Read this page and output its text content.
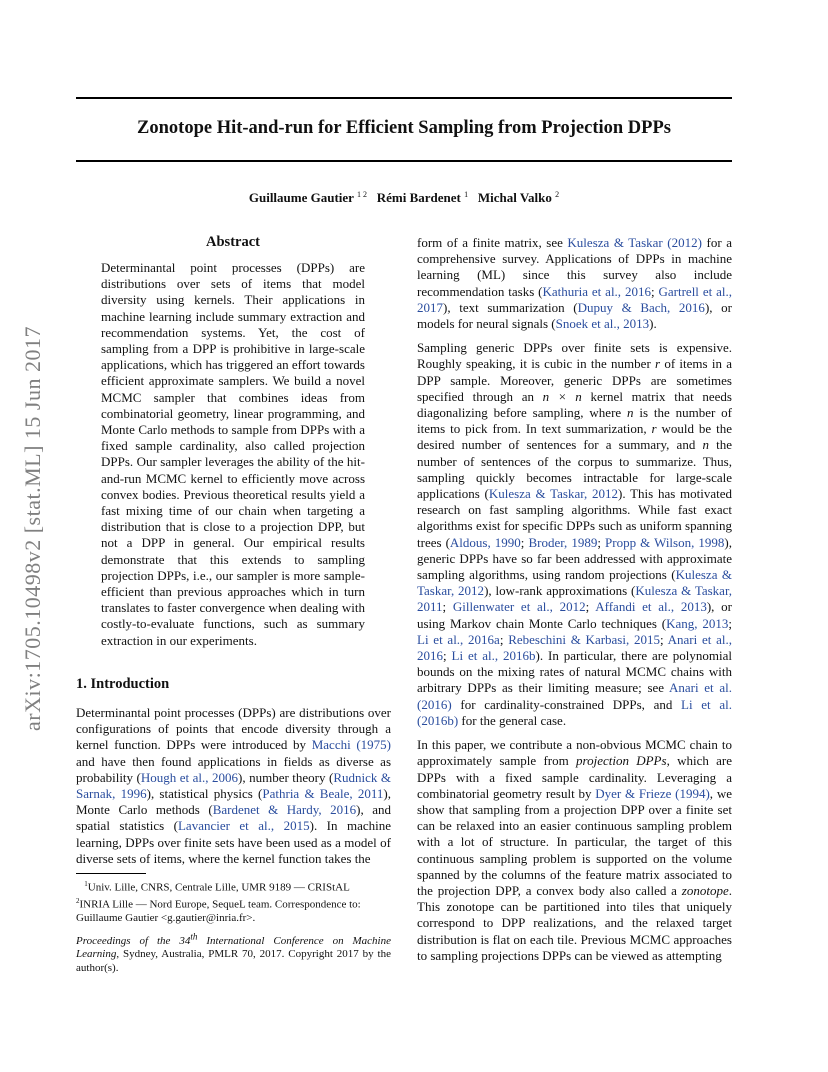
arXiv:1705.10498v2 [stat.ML] 15 Jun 2017
Zonotope Hit-and-run for Efficient Sampling from Projection DPPs
Guillaume Gautier $^{1 2}$ Rémi Bardenet $^1$ Michal Valko $^2$
Abstract
Determinantal point processes (DPPs) are distributions over sets of items that model diversity using kernels. Their applications in machine learning include summary extraction and recommendation systems. Yet, the cost of sampling from a DPP is prohibitive in large-scale applications, which has triggered an effort towards efficient approximate samplers. We build a novel MCMC sampler that combines ideas from combinatorial geometry, linear programming, and Monte Carlo methods to sample from DPPs with a fixed sample cardinality, also called projection DPPs. Our sampler leverages the ability of the hit-and-run MCMC kernel to efficiently move across convex bodies. Previous theoretical results yield a fast mixing time of our chain when targeting a distribution that is close to a projection DPP, but not a DPP in general. Our empirical results demonstrate that this extends to sampling projection DPPs, i.e., our sampler is more sample-efficient than previous approaches which in turn translates to faster convergence when dealing with costly-to-evaluate functions, such as summary extraction in our experiments.
1. Introduction
Determinantal point processes (DPPs) are distributions over configurations of points that encode diversity through a kernel function. DPPs were introduced by Macchi (1975) and have then found applications in fields as diverse as probability (Hough et al., 2006), number theory (Rudnick & Sarnak, 1996), statistical physics (Pathria & Beale, 2011), Monte Carlo methods (Bardenet & Hardy, 2016), and spatial statistics (Lavancier et al., 2015). In machine learning, DPPs over finite sets have been used as a model of diverse sets of items, where the kernel function takes the
$^1$Univ. Lille, CNRS, Centrale Lille, UMR 9189 — CRIStAL
$^2$INRIA Lille — Nord Europe, SequeL team. Correspondence to: Guillaume Gautier <g.gautier@inria.fr>.
Proceedings of the 34th International Conference on Machine Learning, Sydney, Australia, PMLR 70, 2017. Copyright 2017 by the author(s).

form of a finite matrix, see Kulesza & Taskar (2012) for a comprehensive survey. Applications of DPPs in machine learning (ML) since this survey also include recommendation tasks (Kathuria et al., 2016; Gartrell et al., 2017), text summarization (Dupuy & Bach, 2016), or models for neural signals (Snoek et al., 2013).

Sampling generic DPPs over finite sets is expensive. Roughly speaking, it is cubic in the number r of items in a DPP sample. Moreover, generic DPPs are sometimes specified through an n × n kernel matrix that needs diagonalizing before sampling, where n is the number of items to pick from. In text summarization, r would be the desired number of sentences for a summary, and n the number of sentences of the corpus to summarize. Thus, sampling quickly becomes intractable for large-scale applications (Kulesza & Taskar, 2012). This has motivated research on fast sampling algorithms. While fast exact algorithms exist for specific DPPs such as uniform spanning trees (Aldous, 1990; Broder, 1989; Propp & Wilson, 1998), generic DPPs have so far been addressed with approximate sampling algorithms, using random projections (Kulesza & Taskar, 2012), low-rank approximations (Kulesza & Taskar, 2011; Gillenwater et al., 2012; Affandi et al., 2013), or using Markov chain Monte Carlo techniques (Kang, 2013; Li et al., 2016a; Rebeschini & Karbasi, 2015; Anari et al., 2016; Li et al., 2016b). In particular, there are polynomial bounds on the mixing rates of natural MCMC chains with arbitrary DPPs as their limiting measure; see Anari et al. (2016) for cardinality-constrained DPPs, and Li et al. (2016b) for the general case.

In this paper, we contribute a non-obvious MCMC chain to approximately sample from projection DPPs, which are DPPs with a fixed sample cardinality. Leveraging a combinatorial geometry result by Dyer & Frieze (1994), we show that sampling from a projection DPP over a finite set can be relaxed into an easier continuous sampling problem with a lot of structure. In particular, the target of this continuous sampling problem is supported on the volume spanned by the columns of the feature matrix associated to the projection DPP, a convex body also called a zonotope. This zonotope can be partitioned into tiles that uniquely correspond to DPP realizations, and the relaxed target distribution is flat on each tile. Previous MCMC approaches to sampling projections DPPs can be viewed as attempting
